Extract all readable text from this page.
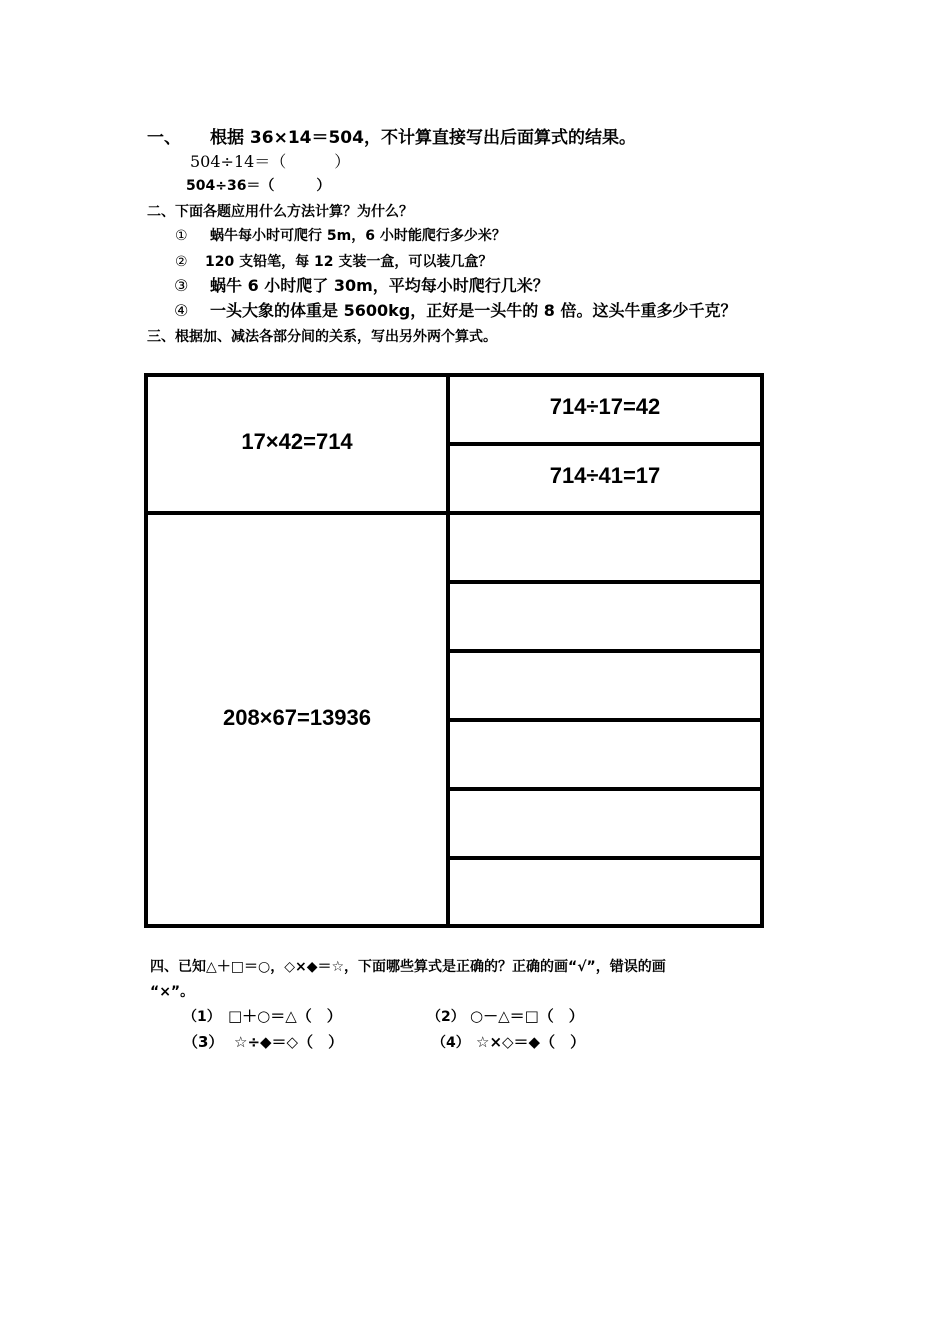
一、 根据 36×14＝504，不计算直接写出后面算式的结果。
504÷14＝（　　　）
504÷36＝（　　　）
二、下面各题应用什么方法计算？为什么？
① 蜗牛每小时可爬行 5m，6 小时能爬行多少米？
② 120 支铅笔，每 12 支装一盒，可以装几盒？
③ 蜗牛 6 小时爬了 30m，平均每小时爬行几米？
④ 一头大象的体重是 5600kg，正好是一头牛的 8 倍。这头牛重多少千克？
三、根据加、减法各部分间的关系，写出另外两个算式。
17×42=714
714÷17=42
714÷41=17
208×67=13936
四、已知△＋□＝○，◇×◆＝☆，下面哪些算式是正确的？正确的画“√”，错误的画
“×”。
（1） □＋○＝△（　）	（2） ○－△＝□（　）
（3） ☆÷◆＝◇（　）	（4） ☆×◇＝◆（　）
